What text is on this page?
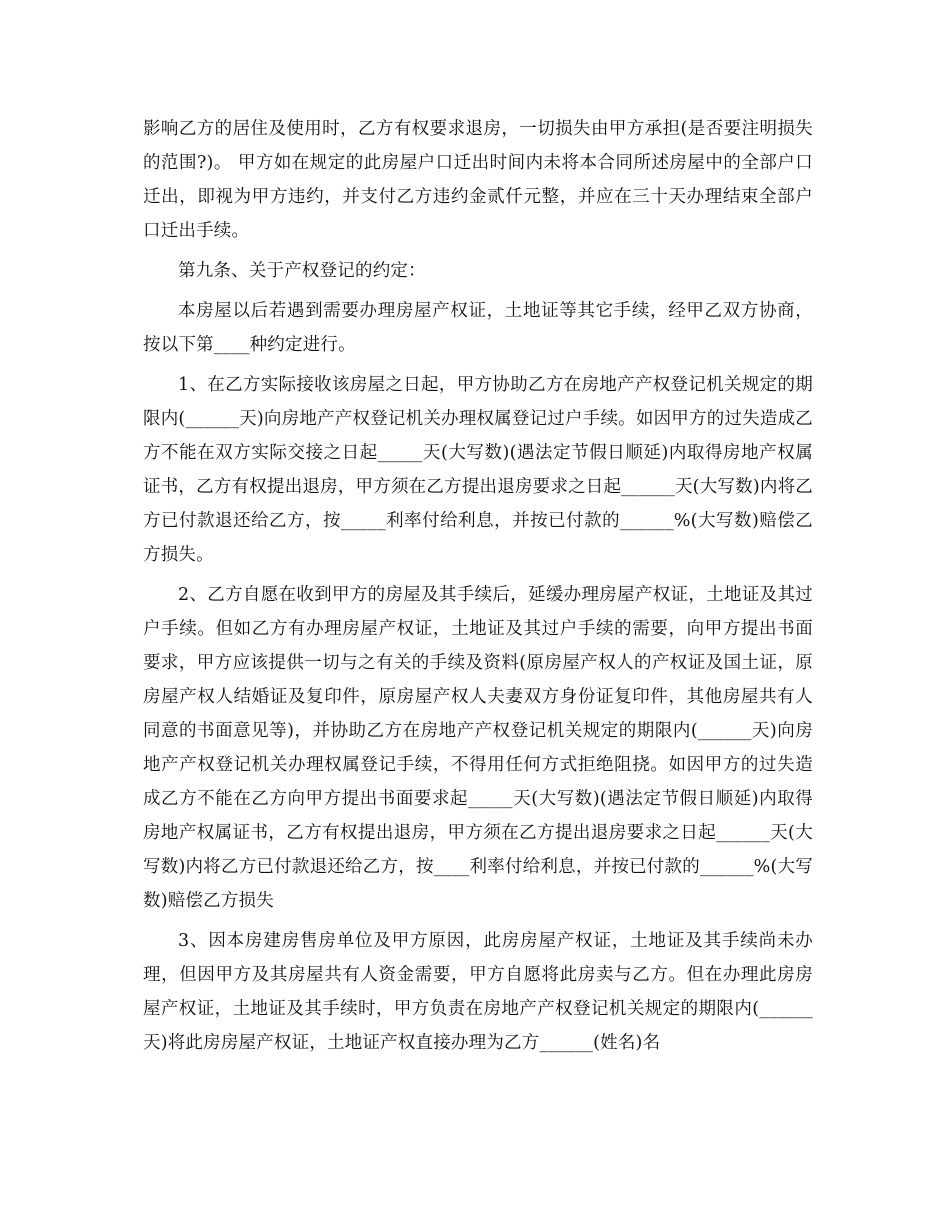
影响乙方的居住及使用时，乙方有权要求退房，一切损失由甲方承担(是否要注明损失的范围?)。 甲方如在规定的此房屋户口迁出时间内未将本合同所述房屋中的全部户口迁出，即视为甲方违约，并支付乙方违约金贰仟元整，并应在三十天办理结束全部户口迁出手续。

第九条、关于产权登记的约定：

本房屋以后若遇到需要办理房屋产权证，土地证等其它手续，经甲乙双方协商，按以下第____种约定进行。

1、在乙方实际接收该房屋之日起，甲方协助乙方在房地产产权登记机关规定的期限内(______天)向房地产产权登记机关办理权属登记过户手续。如因甲方的过失造成乙方不能在双方实际交接之日起_____天(大写数)(遇法定节假日顺延)内取得房地产权属证书，乙方有权提出退房，甲方须在乙方提出退房要求之日起______天(大写数)内将乙方已付款退还给乙方，按_____利率付给利息，并按已付款的______%(大写数)赔偿乙方损失。

2、乙方自愿在收到甲方的房屋及其手续后，延缓办理房屋产权证，土地证及其过户手续。但如乙方有办理房屋产权证，土地证及其过户手续的需要，向甲方提出书面要求，甲方应该提供一切与之有关的手续及资料(原房屋产权人的产权证及国土证，原房屋产权人结婚证及复印件，原房屋产权人夫妻双方身份证复印件，其他房屋共有人同意的书面意见等)，并协助乙方在房地产产权登记机关规定的期限内(______天)向房地产产权登记机关办理权属登记手续，不得用任何方式拒绝阻挠。如因甲方的过失造成乙方不能在乙方向甲方提出书面要求起_____天(大写数)(遇法定节假日顺延)内取得房地产权属证书，乙方有权提出退房，甲方须在乙方提出退房要求之日起______天(大写数)内将乙方已付款退还给乙方，按____利率付给利息，并按已付款的______%(大写数)赔偿乙方损失

3、因本房建房售房单位及甲方原因，此房房屋产权证，土地证及其手续尚未办理，但因甲方及其房屋共有人资金需要，甲方自愿将此房卖与乙方。但在办理此房房屋产权证，土地证及其手续时，甲方负责在房地产产权登记机关规定的期限内(______天)将此房房屋产权证，土地证产权直接办理为乙方______(姓名)名
